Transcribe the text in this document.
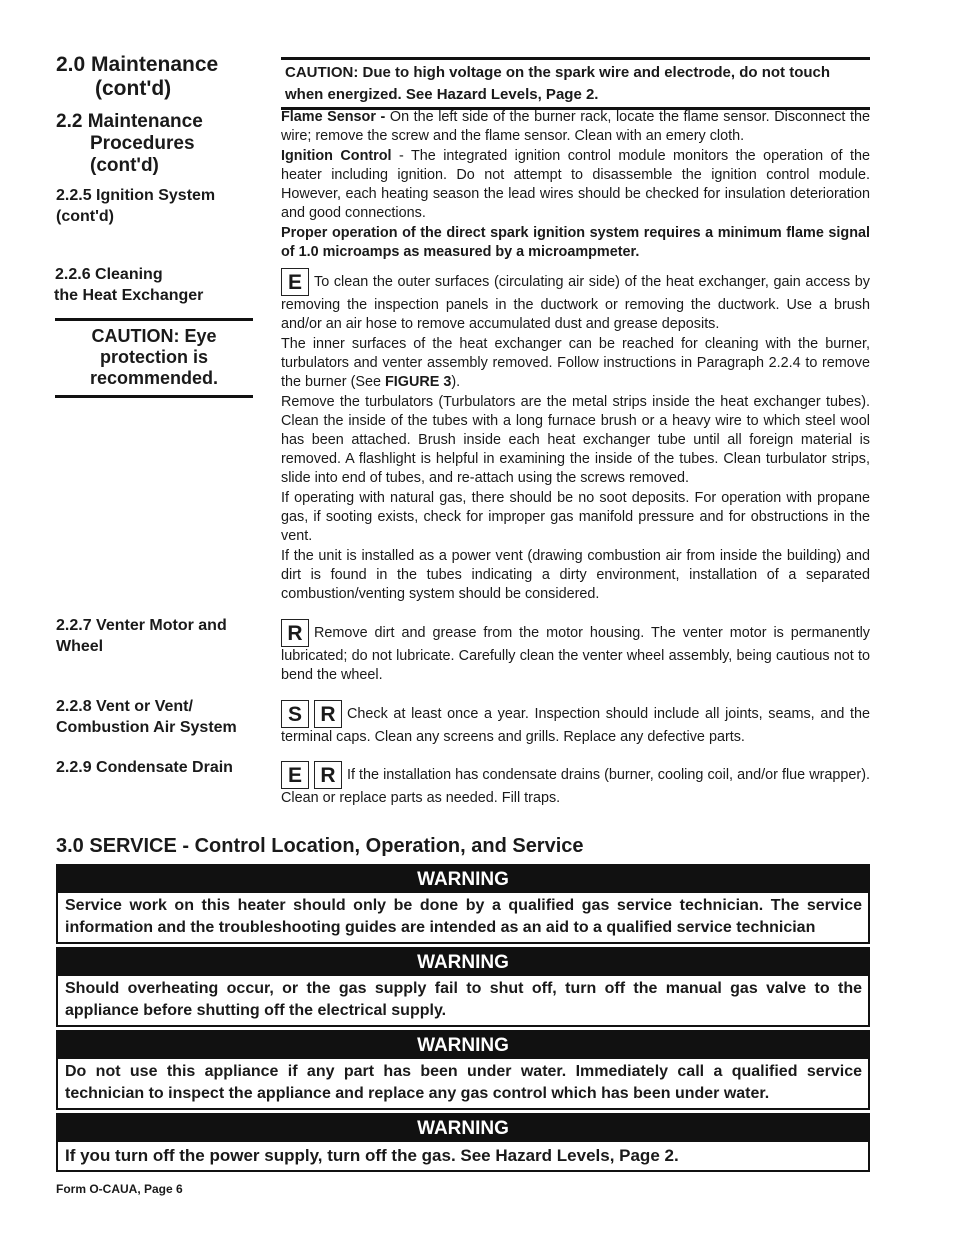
2.0 Maintenance
(cont'd)
2.2 Maintenance
Procedures
(cont'd)
2.2.5 Ignition System
(cont'd)
2.2.6 Cleaning
the Heat Exchanger
CAUTION: Eye
protection is
recommended.
2.2.7 Venter Motor and
Wheel
2.2.8 Vent or Vent/
Combustion Air System
2.2.9 Condensate Drain
CAUTION: Due to high voltage on the spark wire and electrode, do not touch when energized. See Hazard Levels, Page 2.

Flame Sensor - On the left side of the burner rack, locate the flame sensor. Disconnect the wire; remove the screw and the flame sensor. Clean with an emery cloth.

Ignition Control - The integrated ignition control module monitors the operation of the heater including ignition. Do not attempt to disassemble the ignition control module. However, each heating season the lead wires should be checked for insulation deterioration and good connections.

Proper operation of the direct spark ignition system requires a minimum flame signal of 1.0 microamps as measured by a microampmeter.

E To clean the outer surfaces (circulating air side) of the heat exchanger, gain access by removing the inspection panels in the ductwork or removing the ductwork. Use a brush and/or an air hose to remove accumulated dust and grease deposits.

The inner surfaces of the heat exchanger can be reached for cleaning with the burner, turbulators and venter assembly removed. Follow instructions in Paragraph 2.2.4 to remove the burner (See FIGURE 3).

Remove the turbulators (Turbulators are the metal strips inside the heat exchanger tubes). Clean the inside of the tubes with a long furnace brush or a heavy wire to which steel wool has been attached. Brush inside each heat exchanger tube until all foreign material is removed. A flashlight is helpful in examining the inside of the tubes. Clean turbulator strips, slide into end of tubes, and re-attach using the screws removed.

If operating with natural gas, there should be no soot deposits. For operation with propane gas, if sooting exists, check for improper gas manifold pressure and for obstructions in the vent.

If the unit is installed as a power vent (drawing combustion air from inside the building) and dirt is found in the tubes indicating a dirty environment, installation of a separated combustion/venting system should be considered.

R Remove dirt and grease from the motor housing. The venter motor is permanently lubricated; do not lubricate. Carefully clean the venter wheel assembly, being cautious not to bend the wheel.

S R Check at least once a year. Inspection should include all joints, seams, and the terminal caps. Clean any screens and grills. Replace any defective parts.

E R If the installation has condensate drains (burner, cooling coil, and/or flue wrapper). Clean or replace parts as needed. Fill traps.

3.0 SERVICE - Control Location, Operation, and Service
WARNING
Service work on this heater should only be done by a qualified gas service technician. The service information and the troubleshooting guides are intended as an aid to a qualified service technician
WARNING
Should overheating occur, or the gas supply fail to shut off, turn off the manual gas valve to the appliance before shutting off the electrical supply.
WARNING
Do not use this appliance if any part has been under water. Immediately call a qualified service technician to inspect the appliance and replace any gas control which has been under water.
WARNING
If you turn off the power supply, turn off the gas. See Hazard Levels, Page 2.
Form O-CAUA, Page 6
